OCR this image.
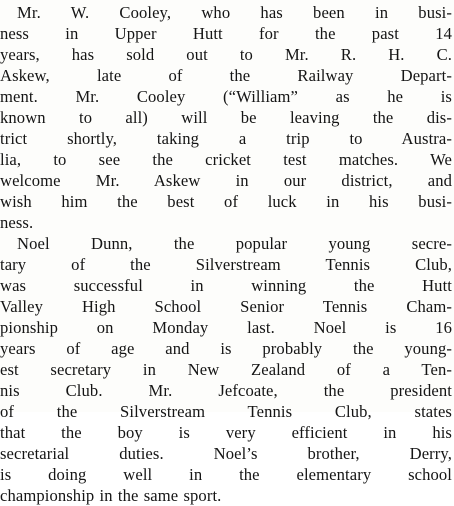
Mr. W. Cooley, who has been in busi-
ness in Upper Hutt for the past 14
years, has sold out to Mr. R. H. C.
Askew, late of the Railway Depart-
ment. Mr. Cooley (“William” as he is
known to all) will be leaving the dis-
trict shortly, taking a trip to Austra-
lia, to see the cricket test matches. We
welcome Mr. Askew in our district, and
wish him the best of luck in his busi-
ness.
Noel Dunn, the popular young secre-
tary of the Silverstream Tennis Club,
was successful in winning the Hutt
Valley High School Senior Tennis Cham-
pionship on Monday last. Noel is 16
years of age and is probably the young-
est secretary in New Zealand of a Ten-
nis Club. Mr. Jefcoate, the president
of the Silverstream Tennis Club, states
that the boy is very efficient in his
secretarial duties. Noel’s brother, Derry,
is doing well in the elementary school
championship in the same sport.
